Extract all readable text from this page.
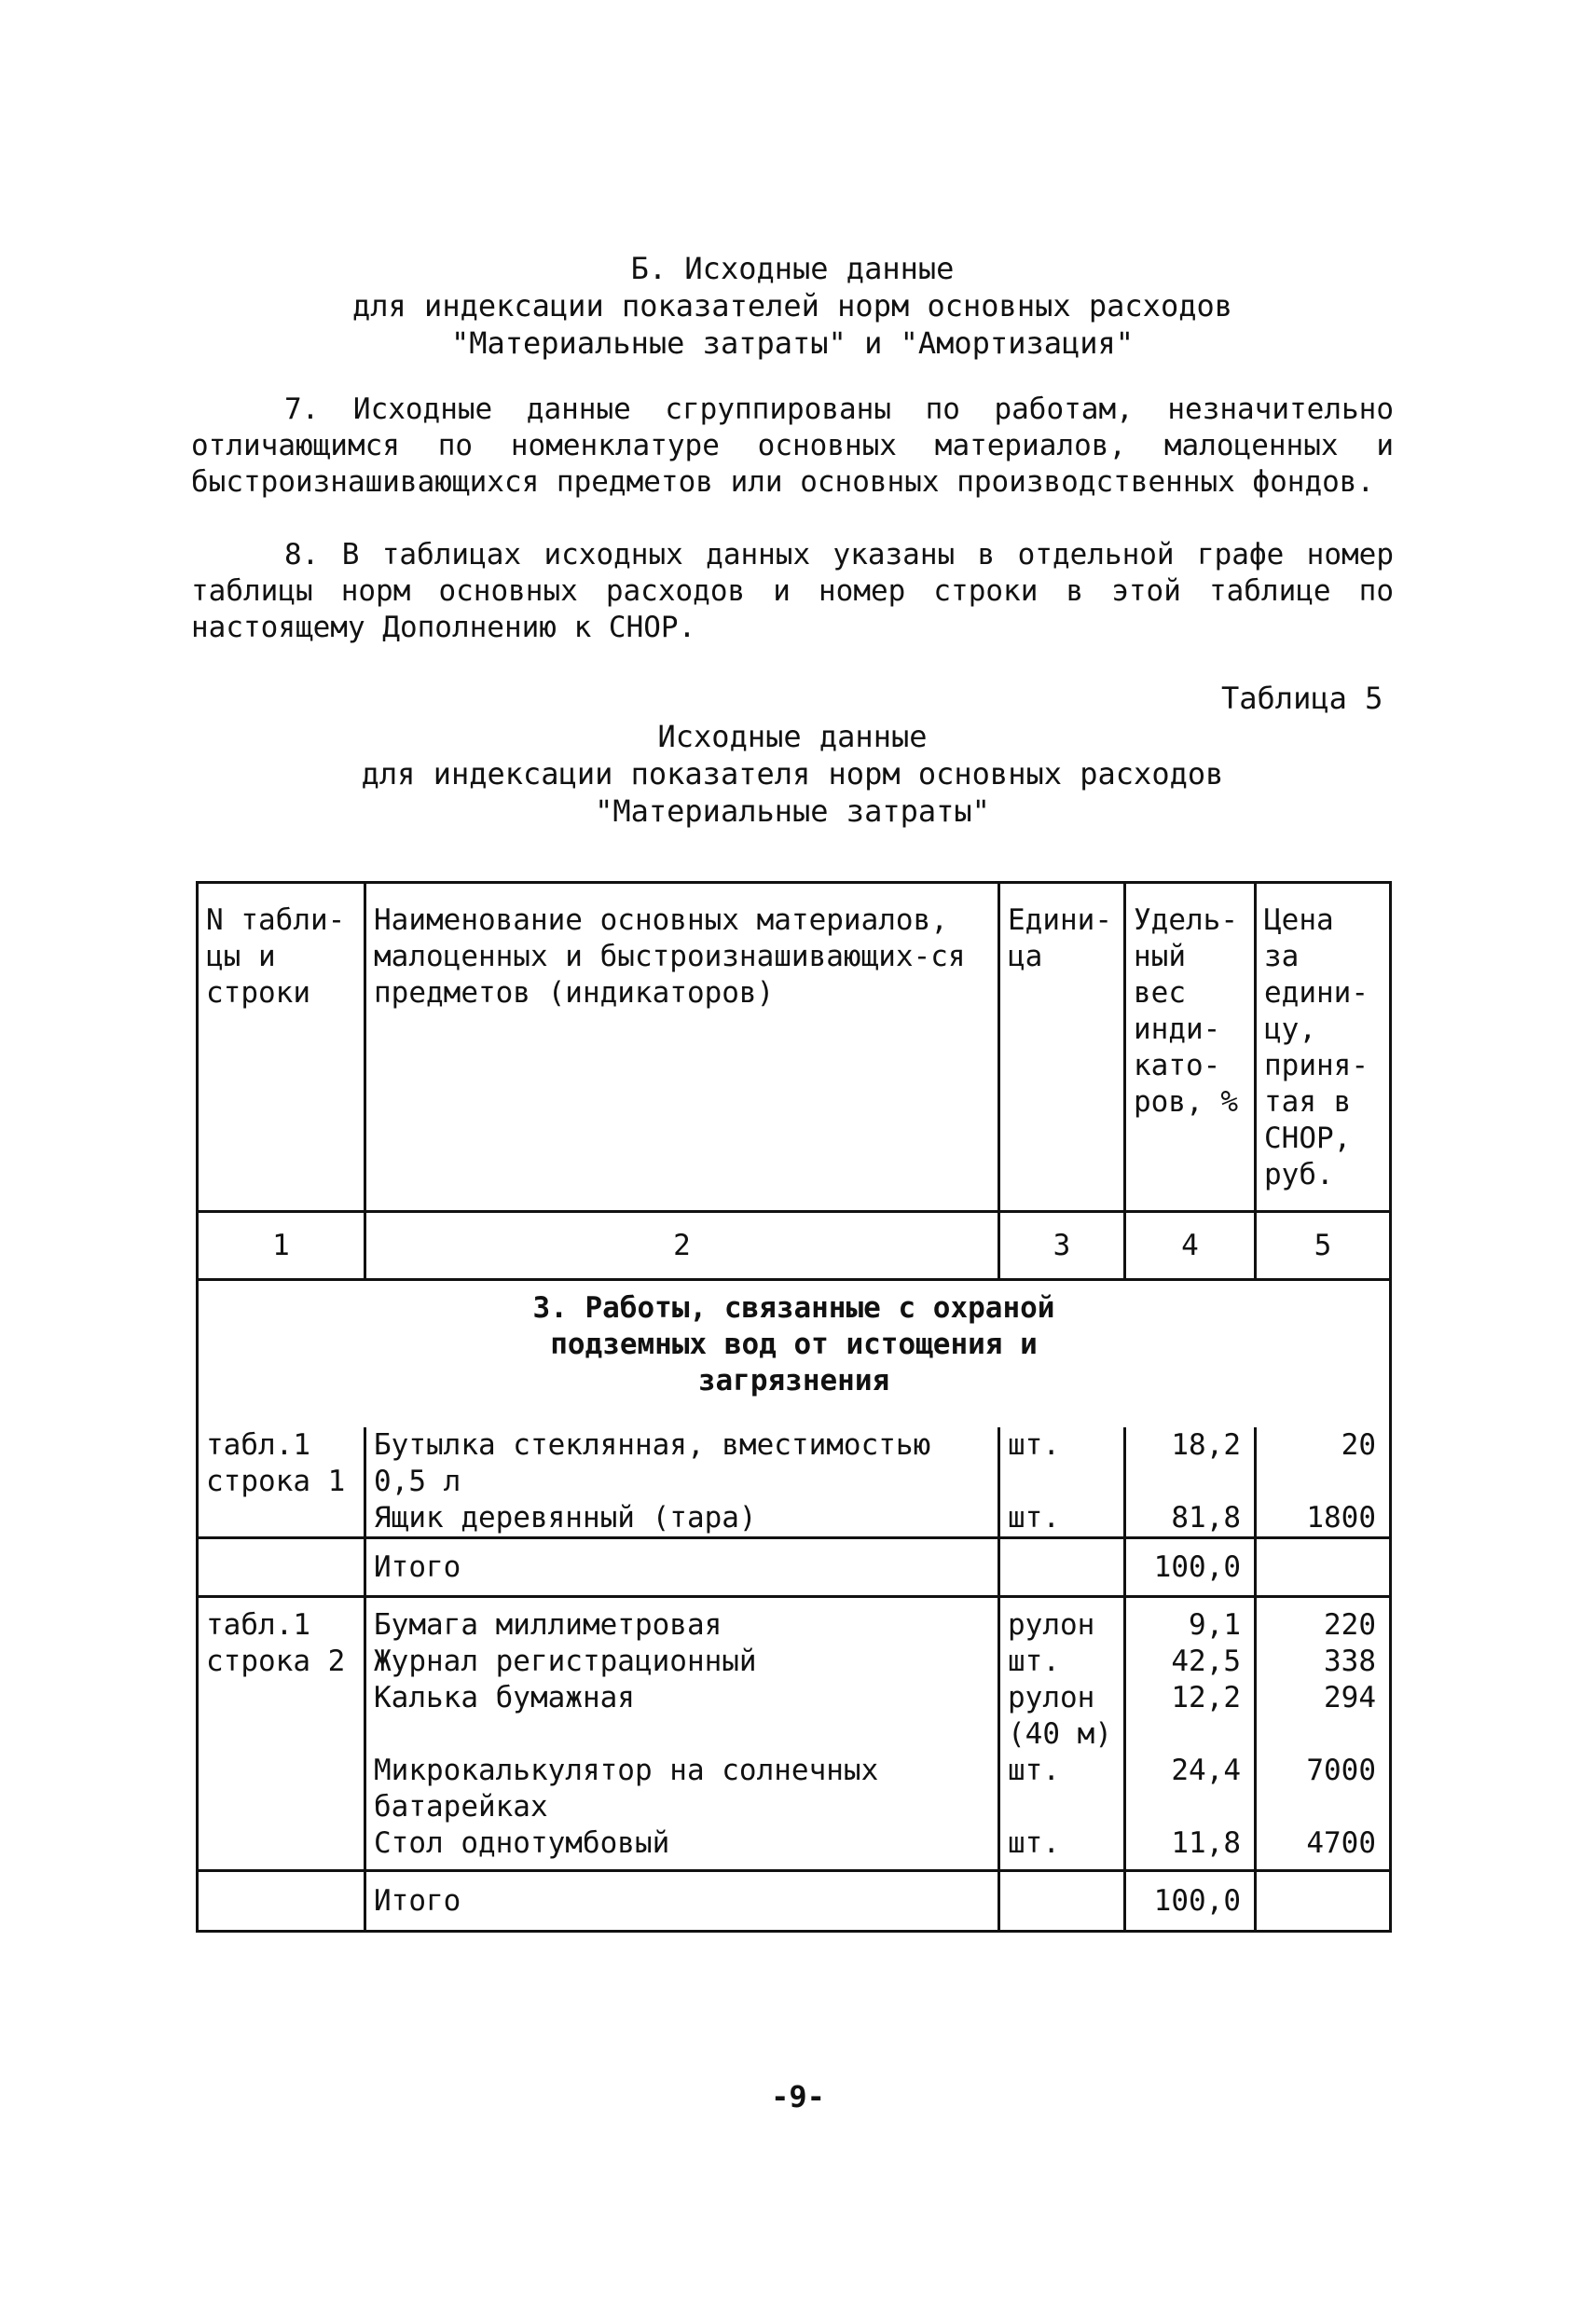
Б. Исходные данные
для индексации показателей норм основных расходов
"Материальные затраты" и "Амортизация"
7. Исходные данные сгруппированы по работам, незначительно отличающимся по номенклатуре основных материалов, малоценных и быстроизнашивающихся предметов или основных производственных фондов.
8. В таблицах исходных данных указаны в отдельной графе номер таблицы норм основных расходов и номер строки в этой таблице по настоящему Дополнению к СНОР.
Таблица 5
Исходные данные
для индексации показателя норм основных расходов
"Материальные затраты"
N табли-цы и строки	Наименование основных материалов, малоценных и быстроизнашивающих-ся предметов (индикаторов)	Едини-ца	Удель-ный вес инди-като-ров, %	Цена за едини-цу, приня-тая в СНОР, руб.
1	2	3	4	5

3. Работы, связанные с охраной подземных вод от истощения и загрязнения				

табл.1 строка 1	Бутылка стеклянная, вместимостью 0,5 л	шт.	18,2	20
	Ящик деревянный (тара)	шт.	81,8	1800
	Итого		100,0	
табл.1 строка 2	Бумага миллиметровая	рулон	9,1	220
	Журнал регистрационный	шт.	42,5	338
	Калька бумажная	рулон (40 м)	12,2	294
	Микрокалькулятор на солнечных батарейках	шт.	24,4	7000
	Стол однотумбовый	шт.	11,8	4700
	Итого		100,0	
-9-
